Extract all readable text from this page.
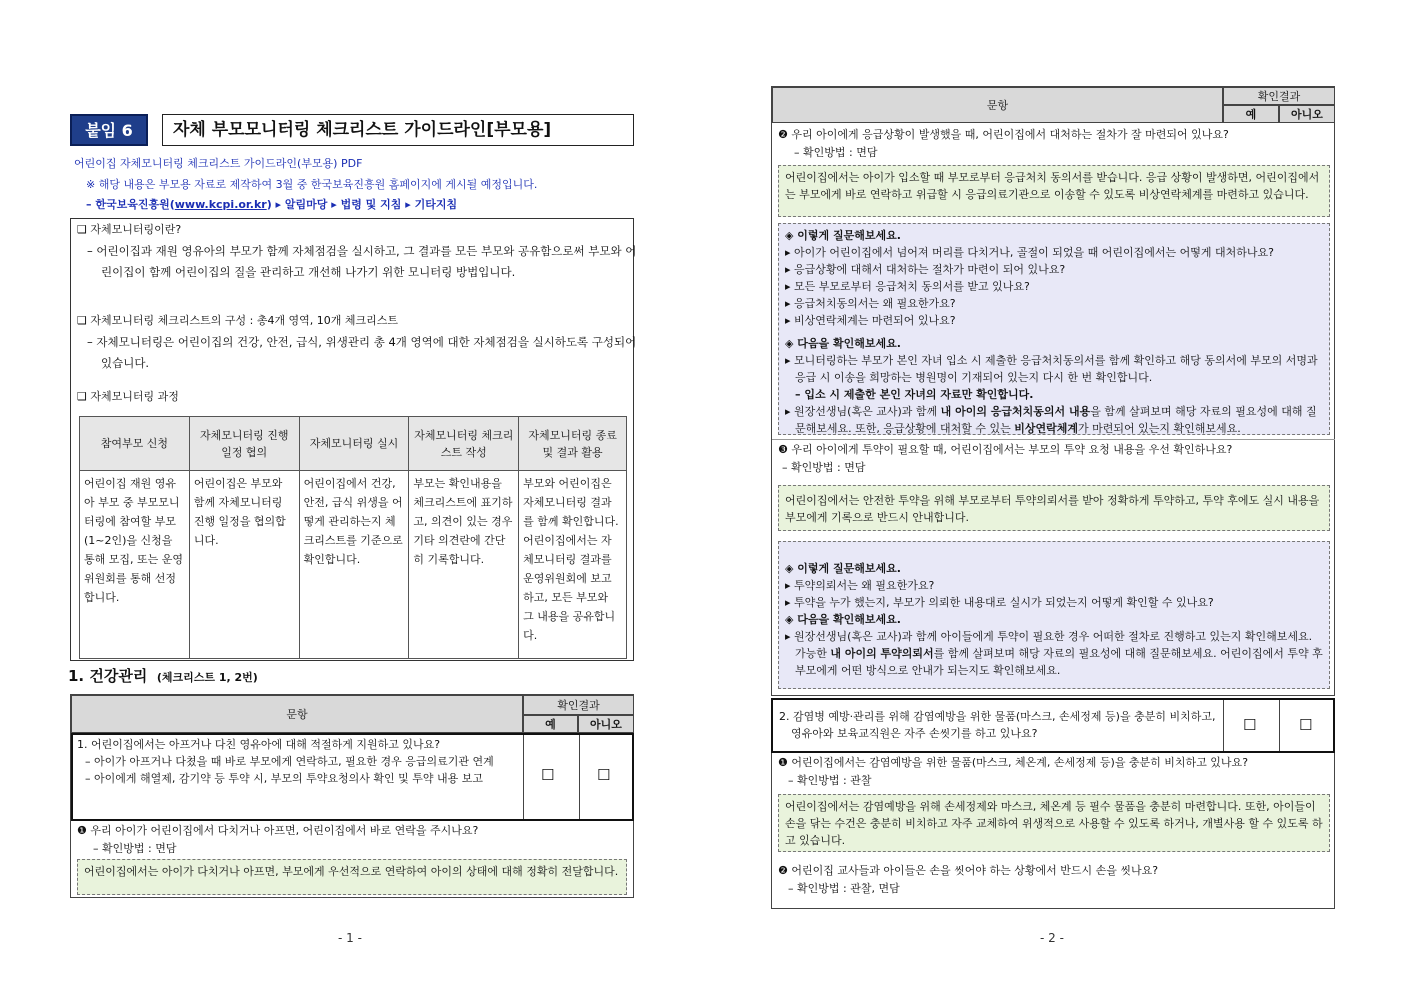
붙임 6	자체 부모모니터링 체크리스트 가이드라인[부모용]
어린이집 자체모니터링 체크리스트 가이드라인(부모용) PDF
※ 해당 내용은 부모용 자료로 제작하여 3월 중 한국보육진흥원 홈페이지에 게시될 예정입니다.
– 한국보육진흥원(www.kcpi.or.kr) ▸ 알림마당 ▸ 법령 및 지침 ▸ 기타지침
❑ 자체모니터링이란?
– 어린이집과 재원 영유아의 부모가 함께 자체점검을 실시하고, 그 결과를 모든 부모와 공유함으로써 부모와 어린이집이 함께 어린이집의 질을 관리하고 개선해 나가기 위한 모니터링 방법입니다.
❑ 자체모니터링 체크리스트의 구성 : 총4개 영역, 10개 체크리스트
– 자체모니터링은 어린이집의 건강, 안전, 급식, 위생관리 총 4개 영역에 대한 자체점검을 실시하도록 구성되어 있습니다.
❑ 자체모니터링 과정
참여부모 신청	자체모니터링 진행 일정 협의	자체모니터링 실시	자체모니터링 체크리스트 작성	자체모니터링 종료 및 결과 활용
어린이집 재원 영유아 부모 중 부모모니터링에 참여할 부모(1~2인)을 신청을 통해 모집, 또는 운영위원회를 통해 선정합니다.	어린이집은 부모와 함께 자체모니터링 진행 일정을 협의합니다.	어린이집에서 건강, 안전, 급식 위생을 어떻게 관리하는지 체크리스트를 기준으로 확인합니다.	부모는 확인내용을 체크리스트에 표기하고, 의견이 있는 경우 기타 의견란에 간단히 기록합니다.	부모와 어린이집은 자체모니터링 결과를 함께 확인합니다. 어린이집에서는 자체모니터링 결과를 운영위원회에 보고하고, 모든 부모와 그 내용을 공유합니다.
1. 건강관리 (체크리스트 1, 2번)
문항
확인결과
예	아니오
1. 어린이집에서는 아프거나 다친 영유아에 대해 적절하게 지원하고 있나요?
– 아이가 아프거나 다쳤을 때 바로 부모에게 연락하고, 필요한 경우 응급의료기관 연계
– 아이에게 해열제, 감기약 등 투약 시, 부모의 투약요청의사 확인 및 투약 내용 보고	☐	☐
❶ 우리 아이가 어린이집에서 다치거나 아프면, 어린이집에서 바로 연락을 주시나요?
– 확인방법 : 면담
어린이집에서는 아이가 다치거나 아프면, 부모에게 우선적으로 연락하여 아이의 상태에 대해 정확히 전달합니다.
- 1 -
문항
확인결과
예	아니오
❷ 우리 아이에게 응급상황이 발생했을 때, 어린이집에서 대처하는 절차가 잘 마련되어 있나요?
– 확인방법 : 면담
어린이집에서는 아이가 입소할 때 부모로부터 응급처치 동의서를 받습니다. 응급 상황이 발생하면, 어린이집에서는 부모에게 바로 연락하고 위급할 시 응급의료기관으로 이송할 수 있도록 비상연락체계를 마련하고 있습니다.
◈ 이렇게 질문해보세요.
▸ 아이가 어린이집에서 넘어져 머리를 다치거나, 골절이 되었을 때 어린이집에서는 어떻게 대처하나요?
▸ 응급상황에 대해서 대처하는 절차가 마련이 되어 있나요?
▸ 모든 부모로부터 응급처치 동의서를 받고 있나요?
▸ 응급처치동의서는 왜 필요한가요?
▸ 비상연락체계는 마련되어 있나요?
◈ 다음을 확인해보세요.
▸ 모니터링하는 부모가 본인 자녀 입소 시 제출한 응급처치동의서를 함께 확인하고 해당 동의서에 부모의 서명과 응급 시 이송을 희망하는 병원명이 기재되어 있는지 다시 한 번 확인합니다.
– 입소 시 제출한 본인 자녀의 자료만 확인합니다.
▸ 원장선생님(혹은 교사)과 함께 내 아이의 응급처치동의서 내용을 함께 살펴보며 해당 자료의 필요성에 대해 질문해보세요. 또한, 응급상황에 대처할 수 있는 비상연락체계가 마련되어 있는지 확인해보세요.
❸ 우리 아이에게 투약이 필요할 때, 어린이집에서는 부모의 투약 요청 내용을 우선 확인하나요?
– 확인방법 : 면담
어린이집에서는 안전한 투약을 위해 부모로부터 투약의뢰서를 받아 정확하게 투약하고, 투약 후에도 실시 내용을 부모에게 기록으로 반드시 안내합니다.
◈ 이렇게 질문해보세요.
▸ 투약의뢰서는 왜 필요한가요?
▸ 투약을 누가 했는지, 부모가 의뢰한 내용대로 실시가 되었는지 어떻게 확인할 수 있나요?
◈ 다음을 확인해보세요.
▸ 원장선생님(혹은 교사)과 함께 아이들에게 투약이 필요한 경우 어떠한 절차로 진행하고 있는지 확인해보세요. 가능한 내 아이의 투약의뢰서를 함께 살펴보며 해당 자료의 필요성에 대해 질문해보세요. 어린이집에서 투약 후 부모에게 어떤 방식으로 안내가 되는지도 확인해보세요.
2. 감염병 예방·관리를 위해 감염예방을 위한 물품(마스크, 손세정제 등)을 충분히 비치하고, 영유아와 보육교직원은 자주 손씻기를 하고 있나요?	☐	☐
❶ 어린이집에서는 감염예방을 위한 물품(마스크, 체온계, 손세정제 등)을 충분히 비치하고 있나요?
– 확인방법 : 관찰
어린이집에서는 감염예방을 위해 손세정제와 마스크, 체온계 등 필수 물품을 충분히 마련합니다. 또한, 아이들이 손을 닦는 수건은 충분히 비치하고 자주 교체하여 위생적으로 사용할 수 있도록 하거나, 개별사용 할 수 있도록 하고 있습니다.
❷ 어린이집 교사들과 아이들은 손을 씻어야 하는 상황에서 반드시 손을 씻나요?
– 확인방법 : 관찰, 면담
- 2 -
